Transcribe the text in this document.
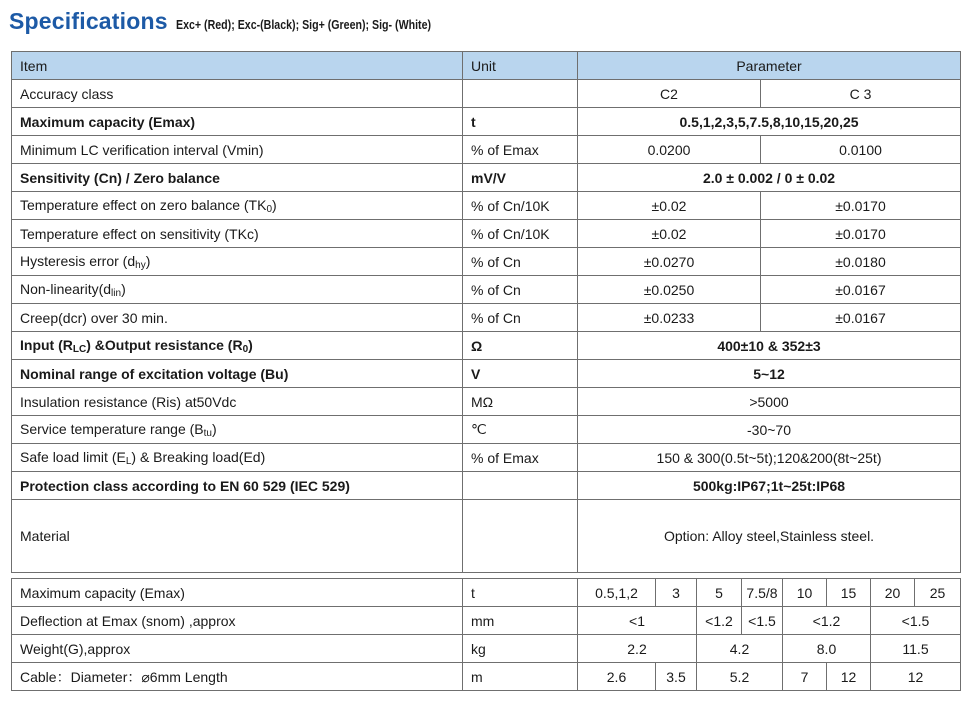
Specifications Exc+ (Red); Exc-(Black); Sig+ (Green); Sig- (White)
Item	Unit	Parameter	
Accuracy class		C2	C 3
Maximum capacity (Emax)	t	0.5,1,2,3,5,7.5,8,10,15,20,25	
Minimum LC verification interval (Vmin)	% of Emax	0.0200	0.0100
Sensitivity (Cn) / Zero balance	mV/V	2.0 ± 0.002 / 0 ± 0.02	
Temperature effect on zero balance $(TK_0)$	% of Cn/10K	±0.02	±0.0170
Temperature effect on sensitivity (TKc)	% of Cn/10K	±0.02	±0.0170
Hysteresis error $(d_{hy})$	% of Cn	±0.0270	±0.0180
Non-$linearity(d_{lin})$	% of Cn	±0.0250	±0.0167
Creep(dcr) over 30 min.	% of Cn	±0.0233	±0.0167
Input $(R_{LC})$ &Output resistance $(R_0)$	Ω	400±10 & 352±3	
Nominal range of excitation voltage (Bu)	V	5~12	
Insulation resistance (Ris) at50Vdc	MΩ	>5000	
Service temperature range $(B_{tu})$	℃	-30~70	
Safe load limit $(E_L)$ & Breaking load(Ed)	% of Emax	150 & 300(0.5t~5t);120&200(8t~25t)	
Protection class according to EN 60 529 (IEC 529)		500kg:IP67;1t~25t:IP68	
Material		Option: Alloy steel,Stainless steel.	
Maximum capacity (Emax)	t	0.5,1,2	3	5	7.5/8	10	15	20	25
Deflection at Emax (snom) ,approx	mm	<1		<1.2	<1.5	<1.2		<1.5	
Weight(G),approx	kg	2.2		4.2		8.0		11.5	
Cable：Diameter：⌀6mm Length	m	2.6	3.5	5.2		7	12	12	
